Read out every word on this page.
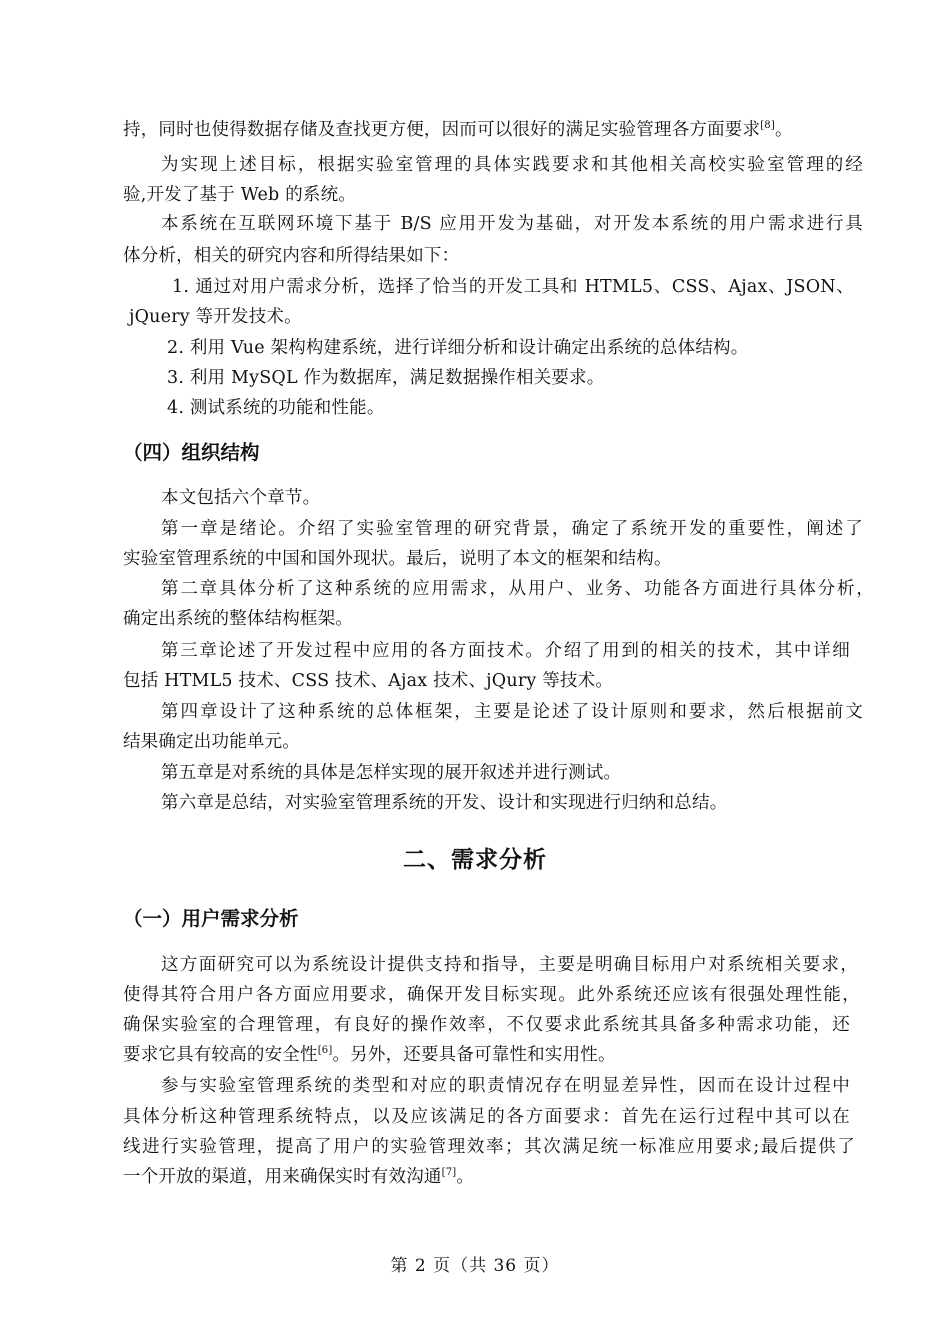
持，同时也使得数据存储及查找更方便，因而可以很好的满足实验管理各方面要求[8]。
为实现上述目标，根据实验室管理的具体实践要求和其他相关高校实验室管理的经
验,开发了基于 Web 的系统。
本系统在互联网环境下基于 B/S 应用开发为基础，对开发本系统的用户需求进行具
体分析，相关的研究内容和所得结果如下：
1. 通过对用户需求分析，选择了恰当的开发工具和 HTML5、CSS、Ajax、JSON、
jQuery 等开发技术。
2. 利用 Vue 架构构建系统，进行详细分析和设计确定出系统的总体结构。
3. 利用 MySQL 作为数据库，满足数据操作相关要求。
4. 测试系统的功能和性能。
（四）组织结构
本文包括六个章节。
第一章是绪论。介绍了实验室管理的研究背景，确定了系统开发的重要性，阐述了
实验室管理系统的中国和国外现状。最后，说明了本文的框架和结构。
第二章具体分析了这种系统的应用需求，从用户、业务、功能各方面进行具体分析，
确定出系统的整体结构框架。
第三章论述了开发过程中应用的各方面技术。介绍了用到的相关的技术，其中详细
包括 HTML5 技术、CSS 技术、Ajax 技术、jQury 等技术。
第四章设计了这种系统的总体框架，主要是论述了设计原则和要求，然后根据前文
结果确定出功能单元。
第五章是对系统的具体是怎样实现的展开叙述并进行测试。
第六章是总结，对实验室管理系统的开发、设计和实现进行归纳和总结。
二、需求分析
（一）用户需求分析
这方面研究可以为系统设计提供支持和指导，主要是明确目标用户对系统相关要求，
使得其符合用户各方面应用要求，确保开发目标实现。此外系统还应该有很强处理性能，
确保实验室的合理管理，有良好的操作效率，不仅要求此系统其具备多种需求功能，还
要求它具有较高的安全性[6]。另外，还要具备可靠性和实用性。
参与实验室管理系统的类型和对应的职责情况存在明显差异性，因而在设计过程中
具体分析这种管理系统特点，以及应该满足的各方面要求：首先在运行过程中其可以在
线进行实验管理，提高了用户的实验管理效率；其次满足统一标准应用要求;最后提供了
一个开放的渠道，用来确保实时有效沟通[7]。
第 2 页（共 36 页）
